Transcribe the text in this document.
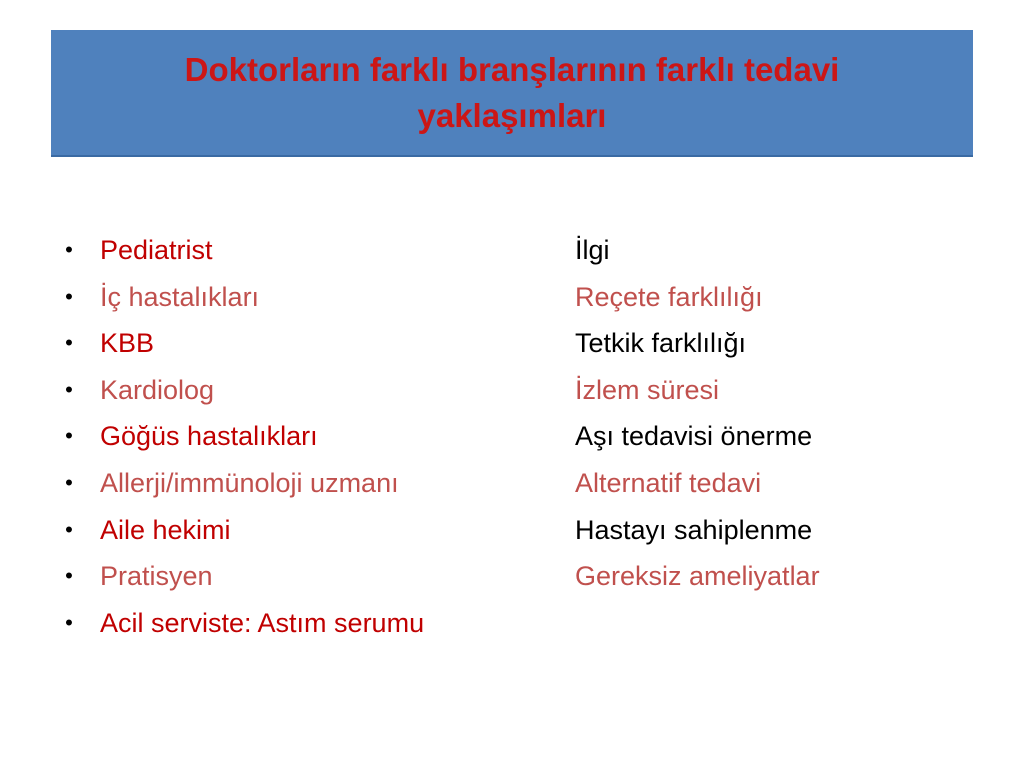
Doktorların farklı branşlarının farklı tedavi
yaklaşımları
• Pediatrist
• İç hastalıkları
• KBB
• Kardiolog
• Göğüs hastalıkları
• Allerji/immünoloji uzmanı
• Aile hekimi
• Pratisyen
• Acil serviste: Astım serumu
İlgi
Reçete farklılığı
Tetkik farklılığı
İzlem süresi
Aşı tedavisi önerme
Alternatif tedavi
Hastayı sahiplenme
Gereksiz ameliyatlar
